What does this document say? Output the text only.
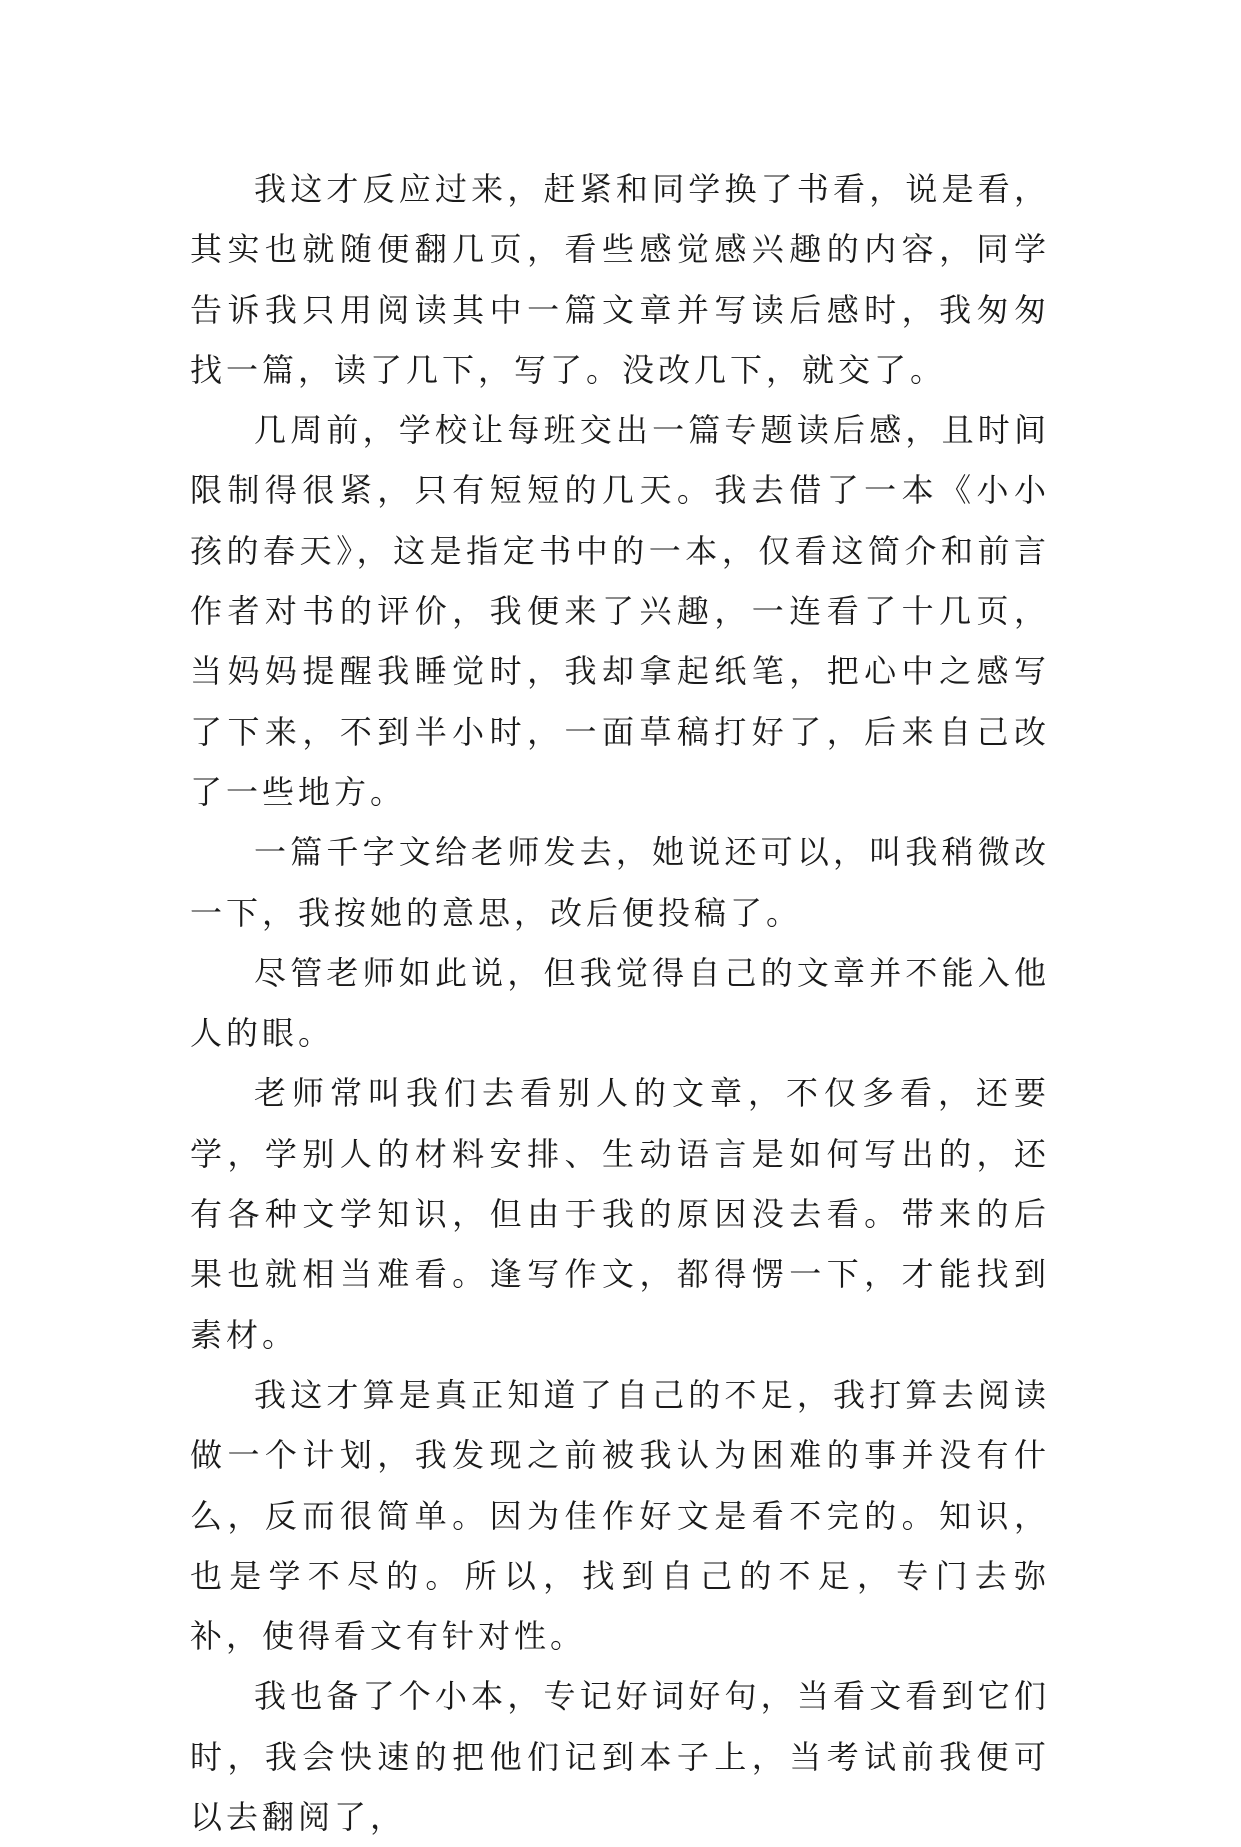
我这才反应过来，赶紧和同学换了书看，说是看，其实也就随便翻几页，看些感觉感兴趣的内容，同学告诉我只用阅读其中一篇文章并写读后感时，我匆匆找一篇，读了几下，写了。没改几下，就交了。

几周前，学校让每班交出一篇专题读后感，且时间限制得很紧，只有短短的几天。我去借了一本《小小孩的春天》，这是指定书中的一本，仅看这简介和前言作者对书的评价，我便来了兴趣，一连看了十几页，当妈妈提醒我睡觉时，我却拿起纸笔，把心中之感写了下来，不到半小时，一面草稿打好了，后来自己改了一些地方。

一篇千字文给老师发去，她说还可以，叫我稍微改一下，我按她的意思，改后便投稿了。

尽管老师如此说，但我觉得自己的文章并不能入他人的眼。

老师常叫我们去看别人的文章，不仅多看，还要学，学别人的材料安排、生动语言是如何写出的，还有各种文学知识，但由于我的原因没去看。带来的后果也就相当难看。逢写作文，都得愣一下，才能找到素材。

我这才算是真正知道了自己的不足，我打算去阅读做一个计划，我发现之前被我认为困难的事并没有什么，反而很简单。因为佳作好文是看不完的。知识，也是学不尽的。所以，找到自己的不足，专门去弥补，使得看文有针对性。

我也备了个小本，专记好词好句，当看文看到它们时，我会快速的把他们记到本子上，当考试前我便可以去翻阅了，
